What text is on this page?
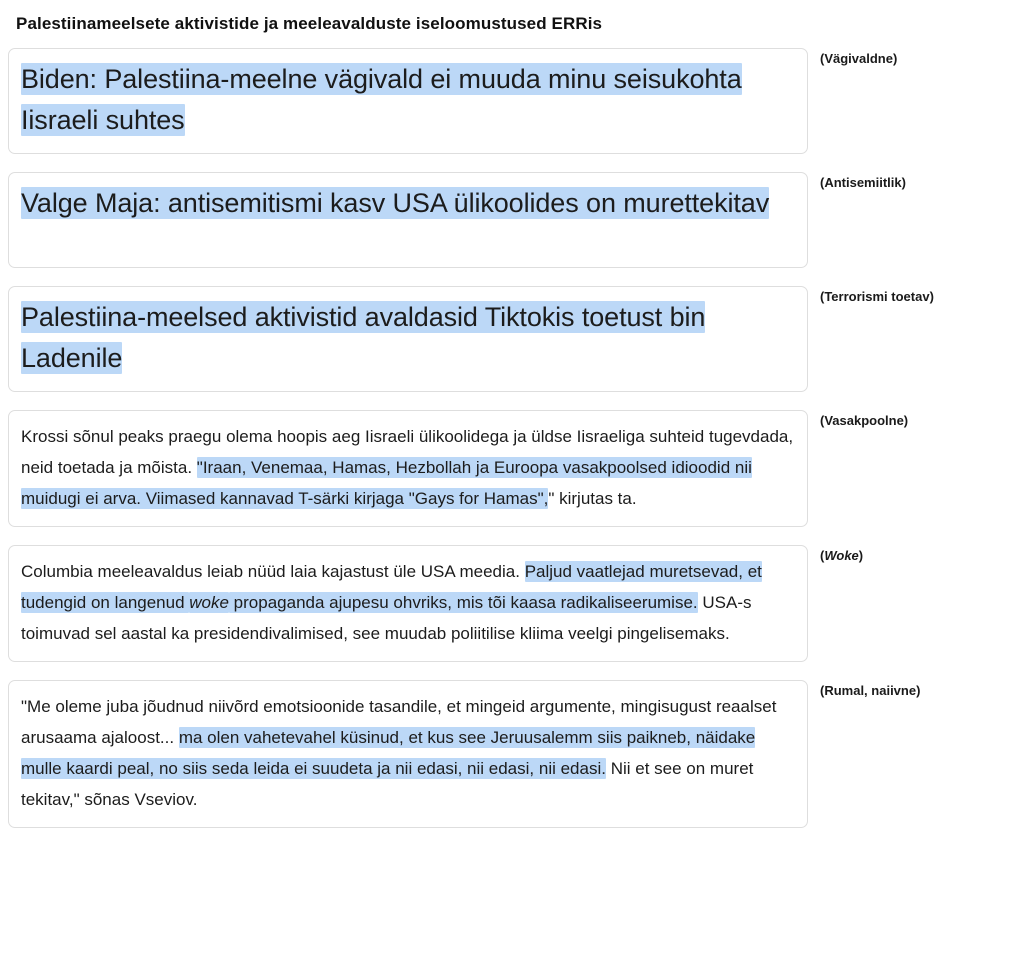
Palestiinameelsete aktivistide ja meeleavalduste iseloomustused ERRis
Biden: Palestiina-meelne vägivald ei muuda minu seisukohta Iisraeli suhtes
(Vägivaldne)
Valge Maja: antisemitismi kasv USA ülikoolides on murettekitav
(Antisemiitlik)
Palestiina-meelsed aktivistid avaldasid Tiktokis toetust bin Ladenile
(Terrorismi toetav)
Krossi sõnul peaks praegu olema hoopis aeg Iisraeli ülikoolidega ja üldse Iisraeliga suhteid tugevdada, neid toetada ja mõista. "Iraan, Venemaa, Hamas, Hezbollah ja Euroopa vasakpoolsed idioodid nii muidugi ei arva. Viimased kannavad T-särki kirjaga "Gays for Hamas"," kirjutas ta.
(Vasakpoolne)
Columbia meeleavaldus leiab nüüd laia kajastust üle USA meedia. Paljud vaatlejad muretsevad, et tudengid on langenud woke propaganda ajupesu ohvriks, mis tõi kaasa radikaliseerumise. USA-s toimuvad sel aastal ka presidendivalimised, see muudab poliitilise kliima veelgi pingelisemaks.
(Woke)
"Me oleme juba jõudnud niivõrd emotsioonide tasandile, et mingeid argumente, mingisugust reaalset arusaama ajaloost... ma olen vahetevahel küsinud, et kus see Jeruusalemm siis paikneb, näidake mulle kaardi peal, no siis seda leida ei suudeta ja nii edasi, nii edasi, nii edasi. Nii et see on muret tekitav," sõnas Vseviov.
(Rumal, naiivne)
